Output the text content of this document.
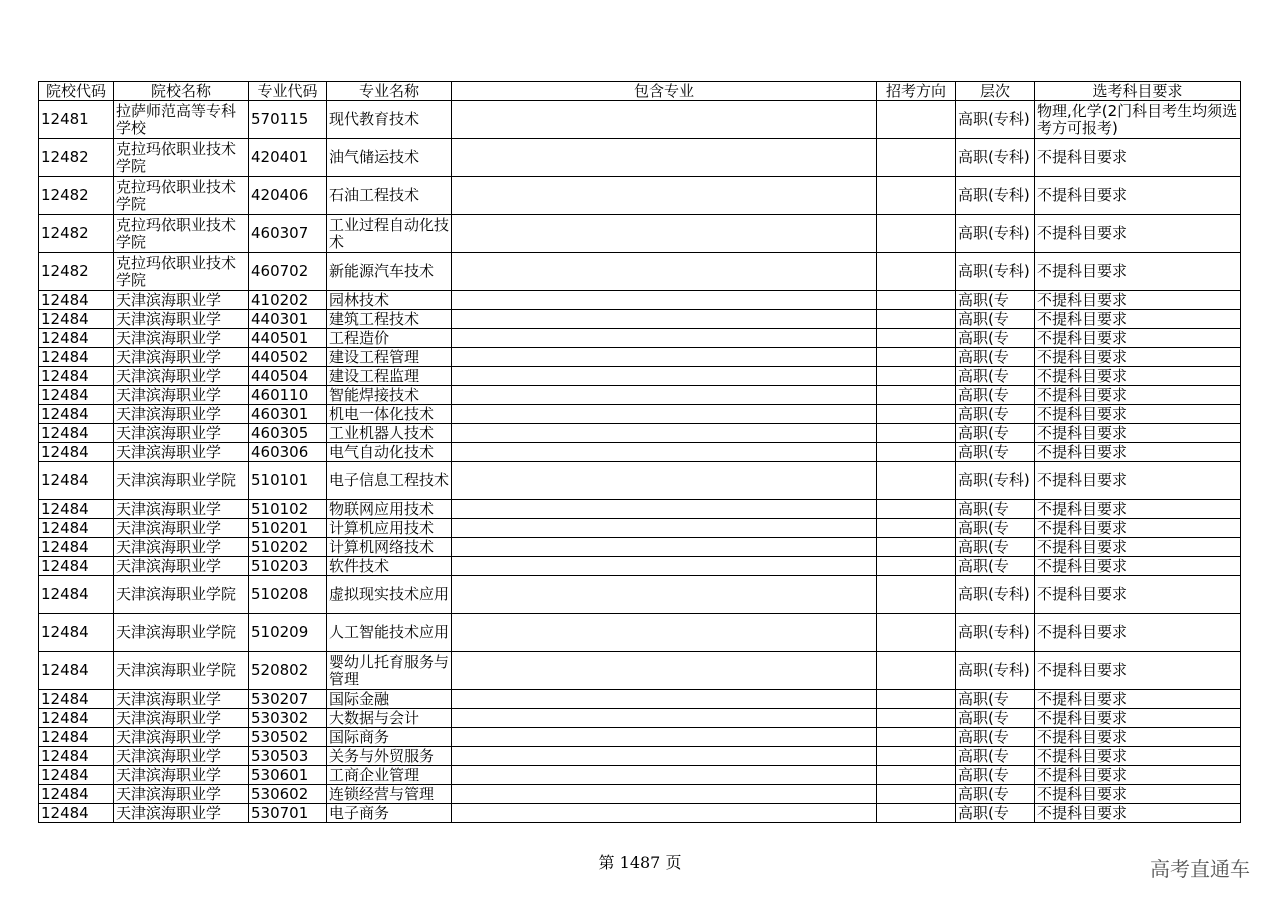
院校代码	院校名称	专业代码	专业名称	包含专业	招考方向	层次	选考科目要求
12481	拉萨师范高等专科学校	570115	现代教育技术			高职(专科)	物理,化学(2门科目考生均须选考方可报考)
12482	克拉玛依职业技术学院	420401	油气储运技术			高职(专科)	不提科目要求
12482	克拉玛依职业技术学院	420406	石油工程技术			高职(专科)	不提科目要求
12482	克拉玛依职业技术学院	460307	工业过程自动化技术			高职(专科)	不提科目要求
12482	克拉玛依职业技术学院	460702	新能源汽车技术			高职(专科)	不提科目要求
12484	天津滨海职业学	410202	园林技术			高职(专	不提科目要求
12484	天津滨海职业学	440301	建筑工程技术			高职(专	不提科目要求
12484	天津滨海职业学	440501	工程造价			高职(专	不提科目要求
12484	天津滨海职业学	440502	建设工程管理			高职(专	不提科目要求
12484	天津滨海职业学	440504	建设工程监理			高职(专	不提科目要求
12484	天津滨海职业学	460110	智能焊接技术			高职(专	不提科目要求
12484	天津滨海职业学	460301	机电一体化技术			高职(专	不提科目要求
12484	天津滨海职业学	460305	工业机器人技术			高职(专	不提科目要求
12484	天津滨海职业学	460306	电气自动化技术			高职(专	不提科目要求
12484	天津滨海职业学院	510101	电子信息工程技术			高职(专科)	不提科目要求
12484	天津滨海职业学	510102	物联网应用技术			高职(专	不提科目要求
12484	天津滨海职业学	510201	计算机应用技术			高职(专	不提科目要求
12484	天津滨海职业学	510202	计算机网络技术			高职(专	不提科目要求
12484	天津滨海职业学	510203	软件技术			高职(专	不提科目要求
12484	天津滨海职业学院	510208	虚拟现实技术应用			高职(专科)	不提科目要求
12484	天津滨海职业学院	510209	人工智能技术应用			高职(专科)	不提科目要求
12484	天津滨海职业学院	520802	婴幼儿托育服务与管理			高职(专科)	不提科目要求
12484	天津滨海职业学	530207	国际金融			高职(专	不提科目要求
12484	天津滨海职业学	530302	大数据与会计			高职(专	不提科目要求
12484	天津滨海职业学	530502	国际商务			高职(专	不提科目要求
12484	天津滨海职业学	530503	关务与外贸服务			高职(专	不提科目要求
12484	天津滨海职业学	530601	工商企业管理			高职(专	不提科目要求
12484	天津滨海职业学	530602	连锁经营与管理			高职(专	不提科目要求
12484	天津滨海职业学	530701	电子商务			高职(专	不提科目要求
第 1487 页	高考直通车
